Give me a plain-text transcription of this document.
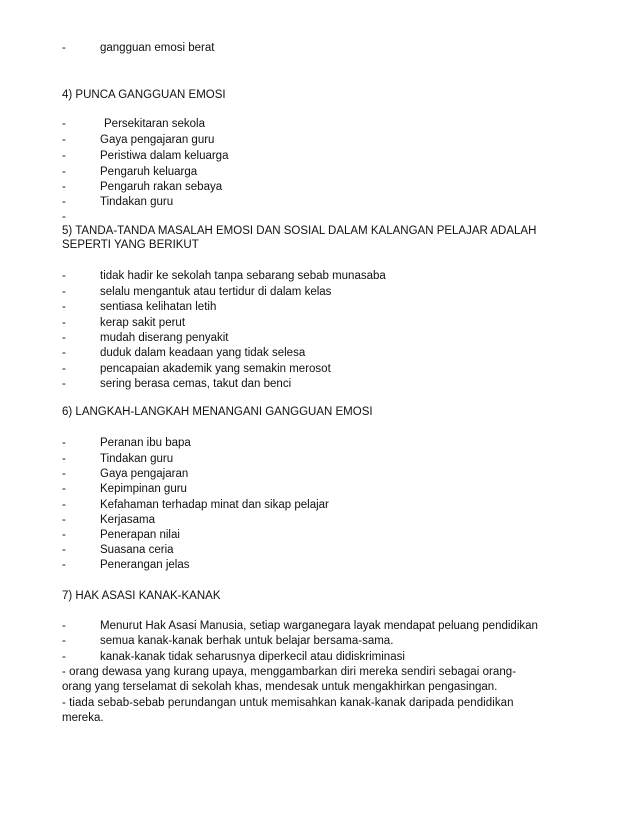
-	gangguan emosi berat
4) PUNCA GANGGUAN EMOSI
-	Persekitaran sekola
-	Gaya pengajaran guru
-	Peristiwa dalam keluarga
-	Pengaruh keluarga
-	Pengaruh rakan sebaya
-	Tindakan guru
-
5) TANDA-TANDA MASALAH EMOSI DAN SOSIAL DALAM KALANGAN PELAJAR ADALAH
SEPERTI YANG BERIKUT
-	tidak hadir ke sekolah tanpa sebarang sebab munasaba
-	selalu mengantuk atau tertidur di dalam kelas
-	sentiasa kelihatan letih
-	kerap sakit perut
-	mudah diserang penyakit
-	duduk dalam keadaan yang tidak selesa
-	pencapaian akademik yang semakin merosot
-	sering berasa cemas, takut dan benci
6) LANGKAH-LANGKAH MENANGANI GANGGUAN EMOSI
-	Peranan ibu bapa
-	Tindakan guru
-	Gaya pengajaran
-	Kepimpinan guru
-	Kefahaman terhadap minat dan sikap pelajar
-	Kerjasama
-	Penerapan nilai
-	Suasana ceria
-	Penerangan jelas
7) HAK ASASI KANAK-KANAK
-	Menurut Hak Asasi Manusia, setiap warganegara layak mendapat peluang pendidikan
-	semua kanak-kanak berhak untuk belajar bersama-sama.
-	kanak-kanak tidak seharusnya diperkecil atau didiskriminasi
- orang dewasa yang kurang upaya, menggambarkan diri mereka sendiri sebagai orang-
orang yang terselamat di sekolah khas, mendesak untuk mengakhirkan pengasingan.
- tiada sebab-sebab perundangan untuk memisahkan kanak-kanak daripada pendidikan
mereka.
